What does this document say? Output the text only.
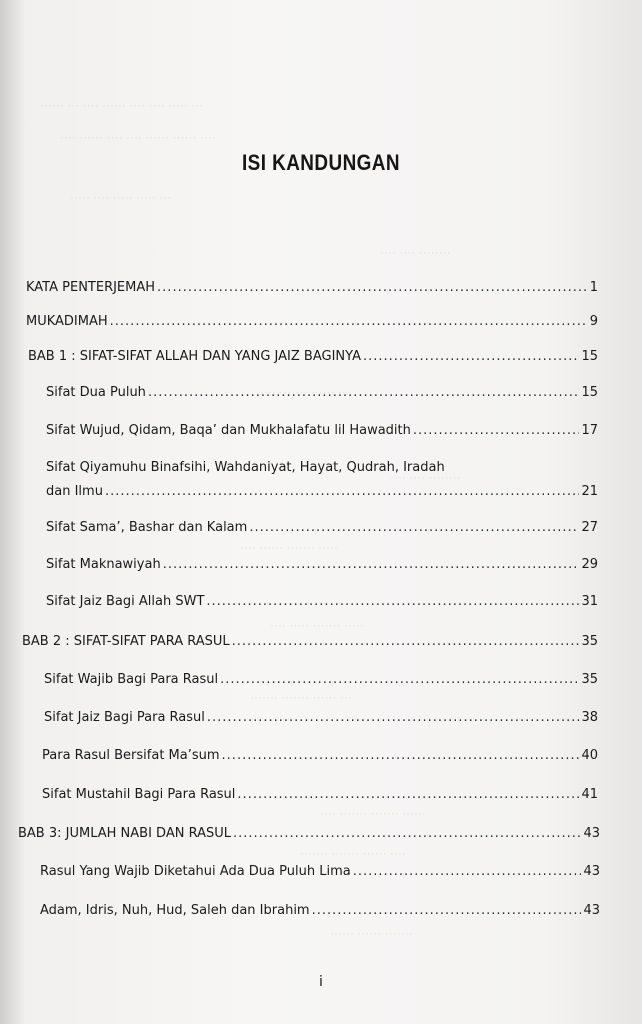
··· ····· ···· ···· ······ ···· ··· ······
···· ······ ······ ···· ···· ······ ····
··· ····· ····· ···· ·····
········ ···· ····
··· ······ ······· ····
········ ···· ····
····· ······· ······ ····
····· ······· ····· ····
··· ······ ······· ·······
······ ······· ······· ····
···· ······ ······· ·······
······· ······ ······
ISI KANDUNGAN
KATA PENTERJEMAH .....	1
MUKADIMAH .....	9
BAB 1 : SIFAT-SIFAT ALLAH DAN YANG JAIZ BAGINYA .....	15
Sifat Dua Puluh .....	15
Sifat Wujud, Qidam, Baqa’ dan Mukhalafatu lil Hawadith .....	17
Sifat Qiyamuhu Binafsihi, Wahdaniyat, Hayat, Qudrah, Iradah
dan Ilmu .....	21
Sifat Sama’, Bashar dan Kalam .....	27
Sifat Maknawiyah .....	29
Sifat Jaiz Bagi Allah SWT .....	31
BAB 2 : SIFAT-SIFAT PARA RASUL .....	35
Sifat Wajib Bagi Para Rasul .....	35
Sifat Jaiz Bagi Para Rasul .....	38
Para Rasul Bersifat Ma’sum .....	40
Sifat Mustahil Bagi Para Rasul .....	41
BAB 3: JUMLAH NABI DAN RASUL .....	43
Rasul Yang Wajib Diketahui Ada Dua Puluh Lima .....	43
Adam, Idris, Nuh, Hud, Saleh dan Ibrahim .....	43
i
